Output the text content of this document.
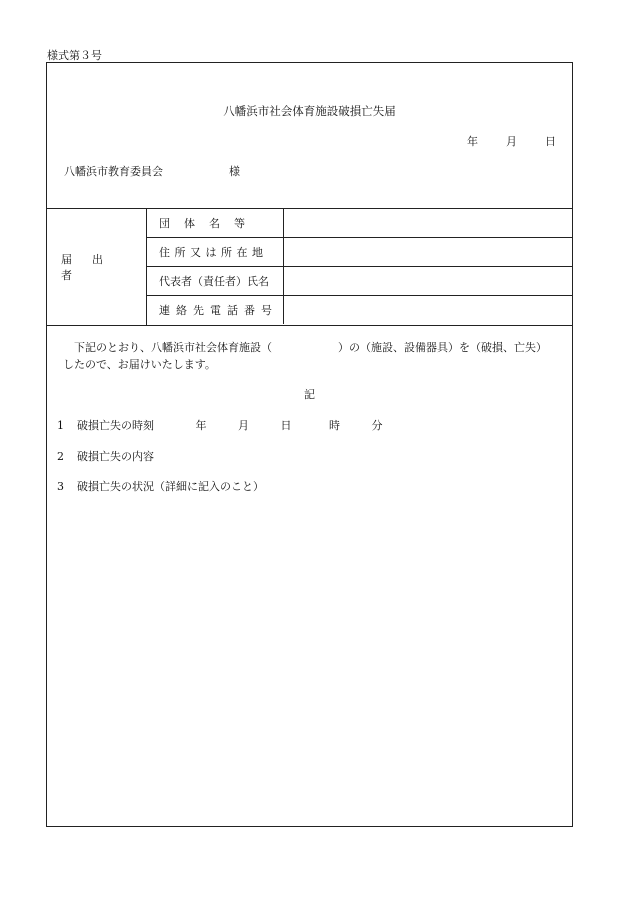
様式第３号
八幡浜市社会体育施設破損亡失届
年	月	日
八幡浜市教育委員会	様
届出者
団体名等
住所又は所在地
代表者（責任者）氏名
連絡先電話番号
下記のとおり、八幡浜市社会体育施設（　　　　　　）の（施設、設備器具）を（破損、亡失）
したので、お届けいたします。
記
1 破損亡失の時刻	年	月	日	時	分
2 破損亡失の内容
3 破損亡失の状況（詳細に記入のこと）
